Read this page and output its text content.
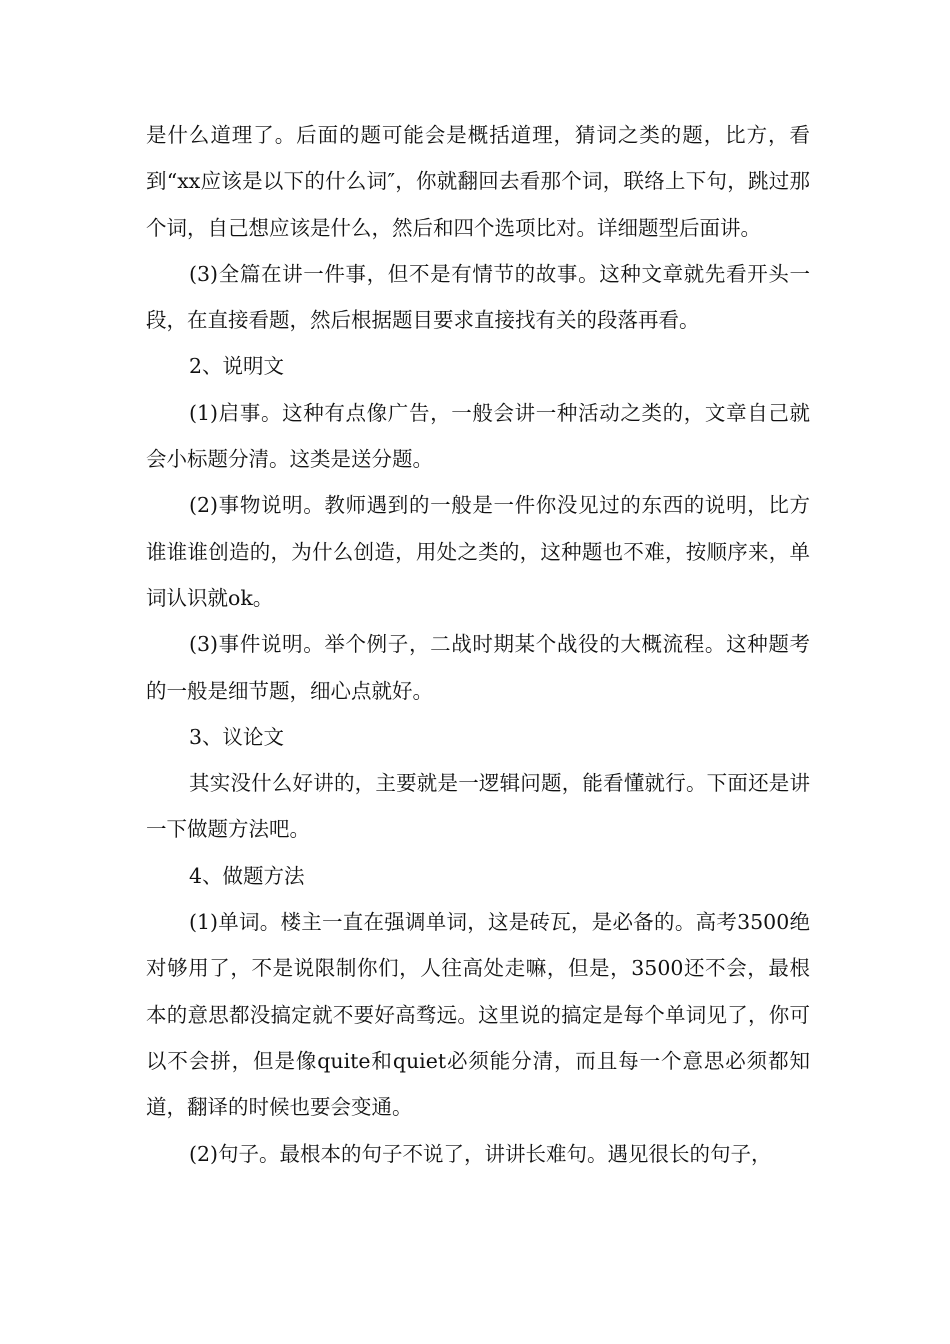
是什么道理了。后面的题可能会是概括道理，猜词之类的题，比方，看到“xx应该是以下的什么词″，你就翻回去看那个词，联络上下句，跳过那个词，自己想应该是什么，然后和四个选项比对。详细题型后面讲。

(3)全篇在讲一件事，但不是有情节的故事。这种文章就先看开头一段，在直接看题，然后根据题目要求直接找有关的段落再看。

2、说明文

(1)启事。这种有点像广告，一般会讲一种活动之类的，文章自己就会小标题分清。这类是送分题。

(2)事物说明。教师遇到的一般是一件你没见过的东西的说明，比方谁谁谁创造的，为什么创造，用处之类的，这种题也不难，按顺序来，单词认识就ok。

(3)事件说明。举个例子，二战时期某个战役的大概流程。这种题考的一般是细节题，细心点就好。

3、议论文

其实没什么好讲的，主要就是一逻辑问题，能看懂就行。下面还是讲一下做题方法吧。

4、做题方法

(1)单词。楼主一直在强调单词，这是砖瓦，是必备的。高考3500绝对够用了，不是说限制你们，人往高处走嘛，但是，3500还不会，最根本的意思都没搞定就不要好高骛远。这里说的搞定是每个单词见了，你可以不会拼，但是像quite和quiet必须能分清，而且每一个意思必须都知道，翻译的时候也要会变通。

(2)句子。最根本的句子不说了，讲讲长难句。遇见很长的句子，
